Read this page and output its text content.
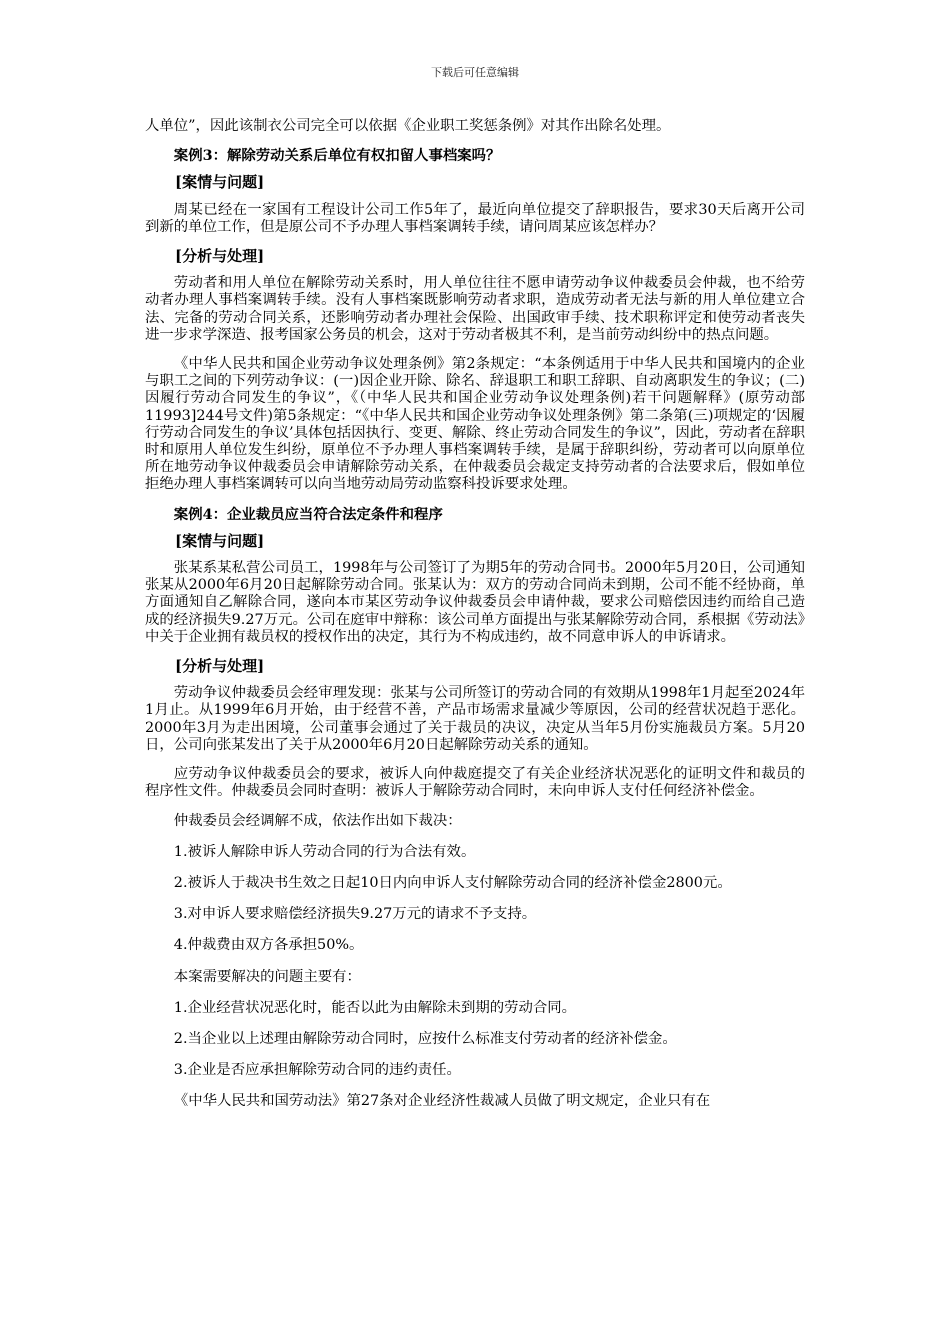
下载后可任意编辑

人单位”，因此该制衣公司完全可以依据《企业职工奖惩条例》对其作出除名处理。

案例3：解除劳动关系后单位有权扣留人事档案吗？

[案情与问题]

周某已经在一家国有工程设计公司工作5年了，最近向单位提交了辞职报告，要求30天后离开公司到新的单位工作，但是原公司不予办理人事档案调转手续，请问周某应该怎样办？

[分析与处理]

劳动者和用人单位在解除劳动关系时，用人单位往往不愿申请劳动争议仲裁委员会仲裁，也不给劳动者办理人事档案调转手续。没有人事档案既影响劳动者求职，造成劳动者无法与新的用人单位建立合法、完备的劳动合同关系，还影响劳动者办理社会保险、出国政审手续、技术职称评定和使劳动者丧失进一步求学深造、报考国家公务员的机会，这对于劳动者极其不利，是当前劳动纠纷中的热点问题。

《中华人民共和国企业劳动争议处理条例》第2条规定：“本条例适用于中华人民共和国境内的企业与职工之间的下列劳动争议：(一)因企业开除、除名、辞退职工和职工辞职、自动离职发生的争议；(二)因履行劳动合同发生的争议”，《（中华人民共和国企业劳动争议处理条例)若干问题解释》(原劳动部11993]244号文件)第5条规定：“《中华人民共和国企业劳动争议处理条例》第二条第(三)项规定的‘因履行劳动合同发生的争议’具体包括因执行、变更、解除、终止劳动合同发生的争议”，因此，劳动者在辞职时和原用人单位发生纠纷，原单位不予办理人事档案调转手续，是属于辞职纠纷，劳动者可以向原单位所在地劳动争议仲裁委员会申请解除劳动关系，在仲裁委员会裁定支持劳动者的合法要求后，假如单位拒绝办理人事档案调转可以向当地劳动局劳动监察科投诉要求处理。

案例4：企业裁员应当符合法定条件和程序

[案情与问题]

张某系某私营公司员工，1998年与公司签订了为期5年的劳动合同书。2000年5月20日，公司通知张某从2000年6月20日起解除劳动合同。张某认为：双方的劳动合同尚未到期，公司不能不经协商，单方面通知自乙解除合同，遂向本市某区劳动争议仲裁委员会申请仲裁，要求公司赔偿因违约而给自己造成的经济损失9.27万元。公司在庭审中辩称：该公司单方面提出与张某解除劳动合同，系根据《劳动法》中关于企业拥有裁员权的授权作出的决定，其行为不构成违约，故不同意申诉人的申诉请求。

[分析与处理]

劳动争议仲裁委员会经审理发现：张某与公司所签订的劳动合同的有效期从1998年1月起至2024年1月止。从1999年6月开始，由于经营不善，产品市场需求量减少等原因，公司的经营状况趋于恶化。2000年3月为走出困境，公司董事会通过了关于裁员的决议，决定从当年5月份实施裁员方案。5月20日，公司向张某发出了关于从2000年6月20日起解除劳动关系的通知。

应劳动争议仲裁委员会的要求，被诉人向仲裁庭提交了有关企业经济状况恶化的证明文件和裁员的程序性文件。仲裁委员会同时查明：被诉人于解除劳动合同时，未向申诉人支付任何经济补偿金。

仲裁委员会经调解不成，依法作出如下裁决：

1.被诉人解除申诉人劳动合同的行为合法有效。

2.被诉人于裁决书生效之日起10日内向申诉人支付解除劳动合同的经济补偿金2800元。

3.对申诉人要求赔偿经济损失9.27万元的请求不予支持。

4.仲裁费由双方各承担50%。

本案需要解决的问题主要有：

1.企业经营状况恶化时，能否以此为由解除未到期的劳动合同。

2.当企业以上述理由解除劳动合同时，应按什么标准支付劳动者的经济补偿金。

3.企业是否应承担解除劳动合同的违约责任。

《中华人民共和国劳动法》第27条对企业经济性裁减人员做了明文规定，企业只有在
